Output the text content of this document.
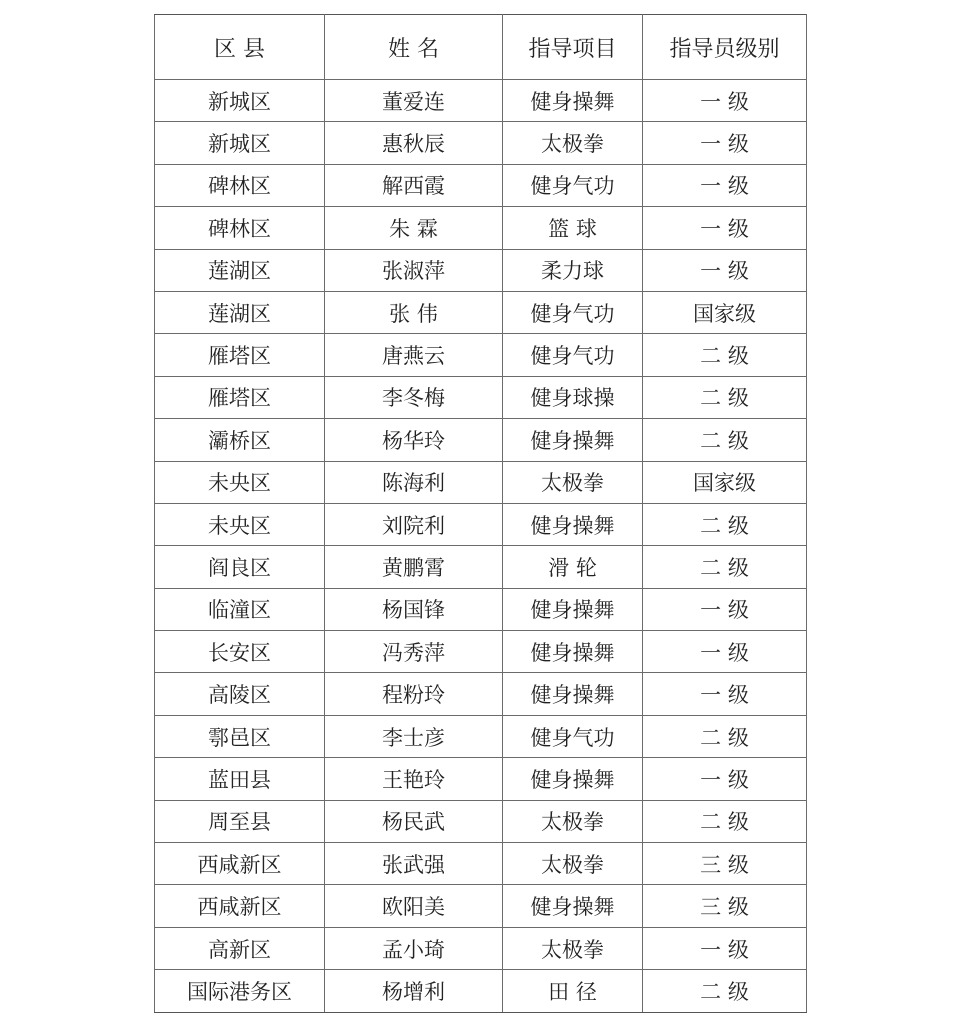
区 县	姓 名	指导项目	指导员级别
新城区	董爱连	健身操舞	一 级
新城区	惠秋辰	太极拳	一 级
碑林区	解西霞	健身气功	一 级
碑林区	朱 霖	篮 球	一 级
莲湖区	张淑萍	柔力球	一 级
莲湖区	张 伟	健身气功	国家级
雁塔区	唐燕云	健身气功	二 级
雁塔区	李冬梅	健身球操	二 级
灞桥区	杨华玲	健身操舞	二 级
未央区	陈海利	太极拳	国家级
未央区	刘院利	健身操舞	二 级
阎良区	黄鹏霄	滑 轮	二 级
临潼区	杨国锋	健身操舞	一 级
长安区	冯秀萍	健身操舞	一 级
高陵区	程粉玲	健身操舞	一 级
鄠邑区	李士彦	健身气功	二 级
蓝田县	王艳玲	健身操舞	一 级
周至县	杨民武	太极拳	二 级
西咸新区	张武强	太极拳	三 级
西咸新区	欧阳美	健身操舞	三 级
高新区	孟小琦	太极拳	一 级
国际港务区	杨增利	田 径	二 级
